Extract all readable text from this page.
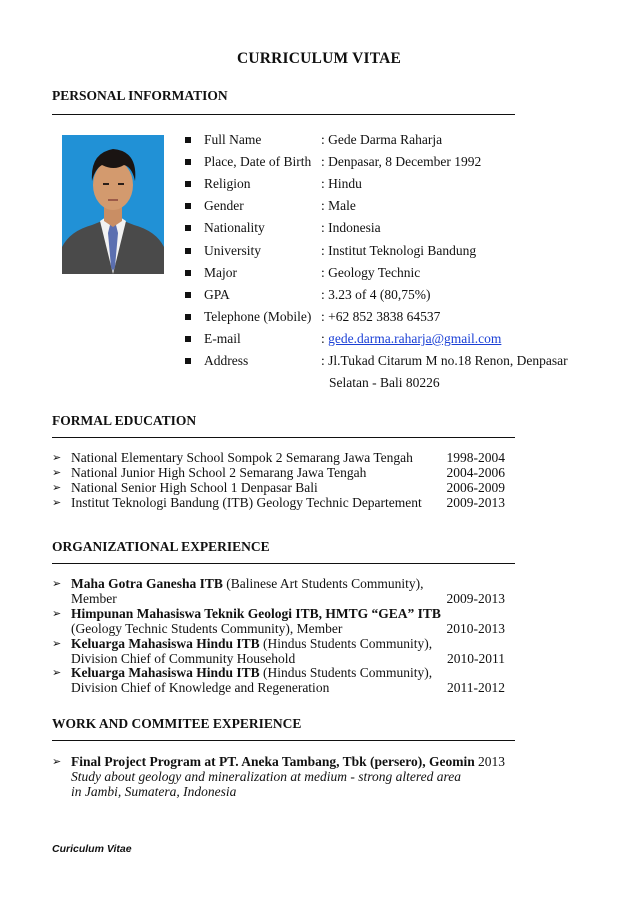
CURRICULUM VITAE
PERSONAL INFORMATION
Full Name	: Gede Darma Raharja
Place, Date of Birth : Denpasar, 8 December 1992
Religion	: Hindu
Gender	: Male
Nationality	: Indonesia
University	: Institut Teknologi Bandung
Major	: Geology Technic
GPA	: 3.23 of 4 (80,75%)
Telephone (Mobile) : +62 852 3838 64537
E-mail	: gede.darma.raharja@gmail.com
Address	: Jl.Tukad Citarum M no.18 Renon, Denpasar
Selatan - Bali 80226
FORMAL EDUCATION
➢ National Elementary School Sompok 2 Semarang Jawa Tengah 1998-2004
➢ National Junior High School 2 Semarang Jawa Tengah	2004-2006
➢ National Senior High School 1 Denpasar Bali	2006-2009
➢ Institut Teknologi Bandung (ITB) Geology Technic Departement 2009-2013
ORGANIZATIONAL EXPERIENCE
➢ Maha Gotra Ganesha ITB (Balinese Art Students Community),
Member	2009-2013
➢ Himpunan Mahasiswa Teknik Geologi ITB, HMTG “GEA” ITB
(Geology Technic Students Community), Member	2010-2013
➢ Keluarga Mahasiswa Hindu ITB (Hindus Students Community),
Division Chief of Community Household	2010-2011
➢ Keluarga Mahasiswa Hindu ITB (Hindus Students Community),
Division Chief of Knowledge and Regeneration	2011-2012
WORK AND COMMITEE EXPERIENCE
➢ Final Project Program at PT. Aneka Tambang, Tbk (persero), Geomin 2013
Study about geology and mineralization at medium - strong altered area
in Jambi, Sumatera, Indonesia
Curiculum Vitae
